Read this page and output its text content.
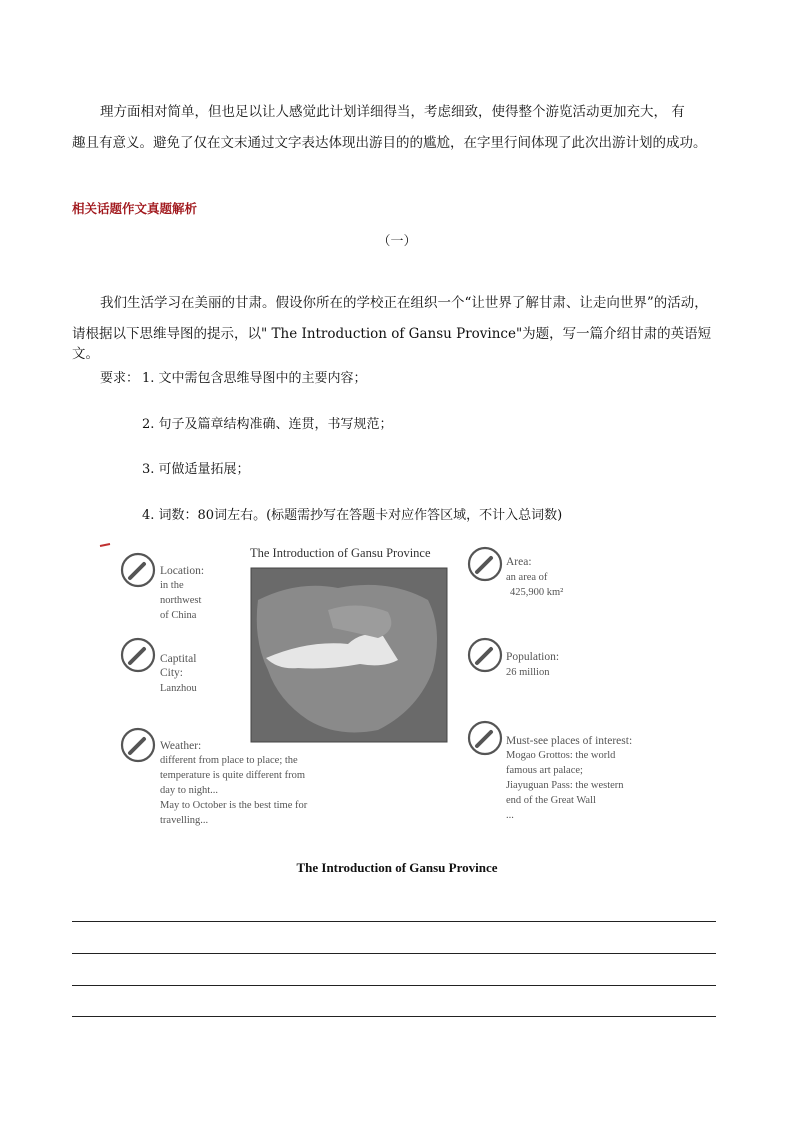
理方面相对简单，但也足以让人感觉此计划详细得当，考虑细致，使得整个游览活动更加充大， 有
趣且有意义。避免了仅在文末通过文字表达体现出游目的的尴尬，在字里行间体现了此次出游计划的成功。
相关话题作文真题解析
（一）
我们生活学习在美丽的甘肃。假设你所在的学校正在组织一个“让世界了解甘肃、让走向世界”的活动，
请根据以下思维导图的提示，以" The Introduction of Gansu Province"为题，写一篇介绍甘肃的英语短文。
要求： 1. 文中需包含思维导图中的主要内容；
2. 句子及篇章结构准确、连贯，书写规范；
3. 可做适量拓展；
4. 词数：80词左右。(标题需抄写在答题卡对应作答区域，不计入总词数)
The Introduction of Gansu Province
Location:
in the
northwest
of China
Captital
City:
Lanzhou
Weather:
different from place to place; the
temperature is quite different from
day to night...
May to October is the best time for
travelling...
Area:
an area of
425,900 km²
Population:
26 million
Must-see places of interest:
Mogao Grottos: the world
famous art palace;
Jiayuguan Pass: the western
end of the Great Wall
...
The Introduction of Gansu Province
